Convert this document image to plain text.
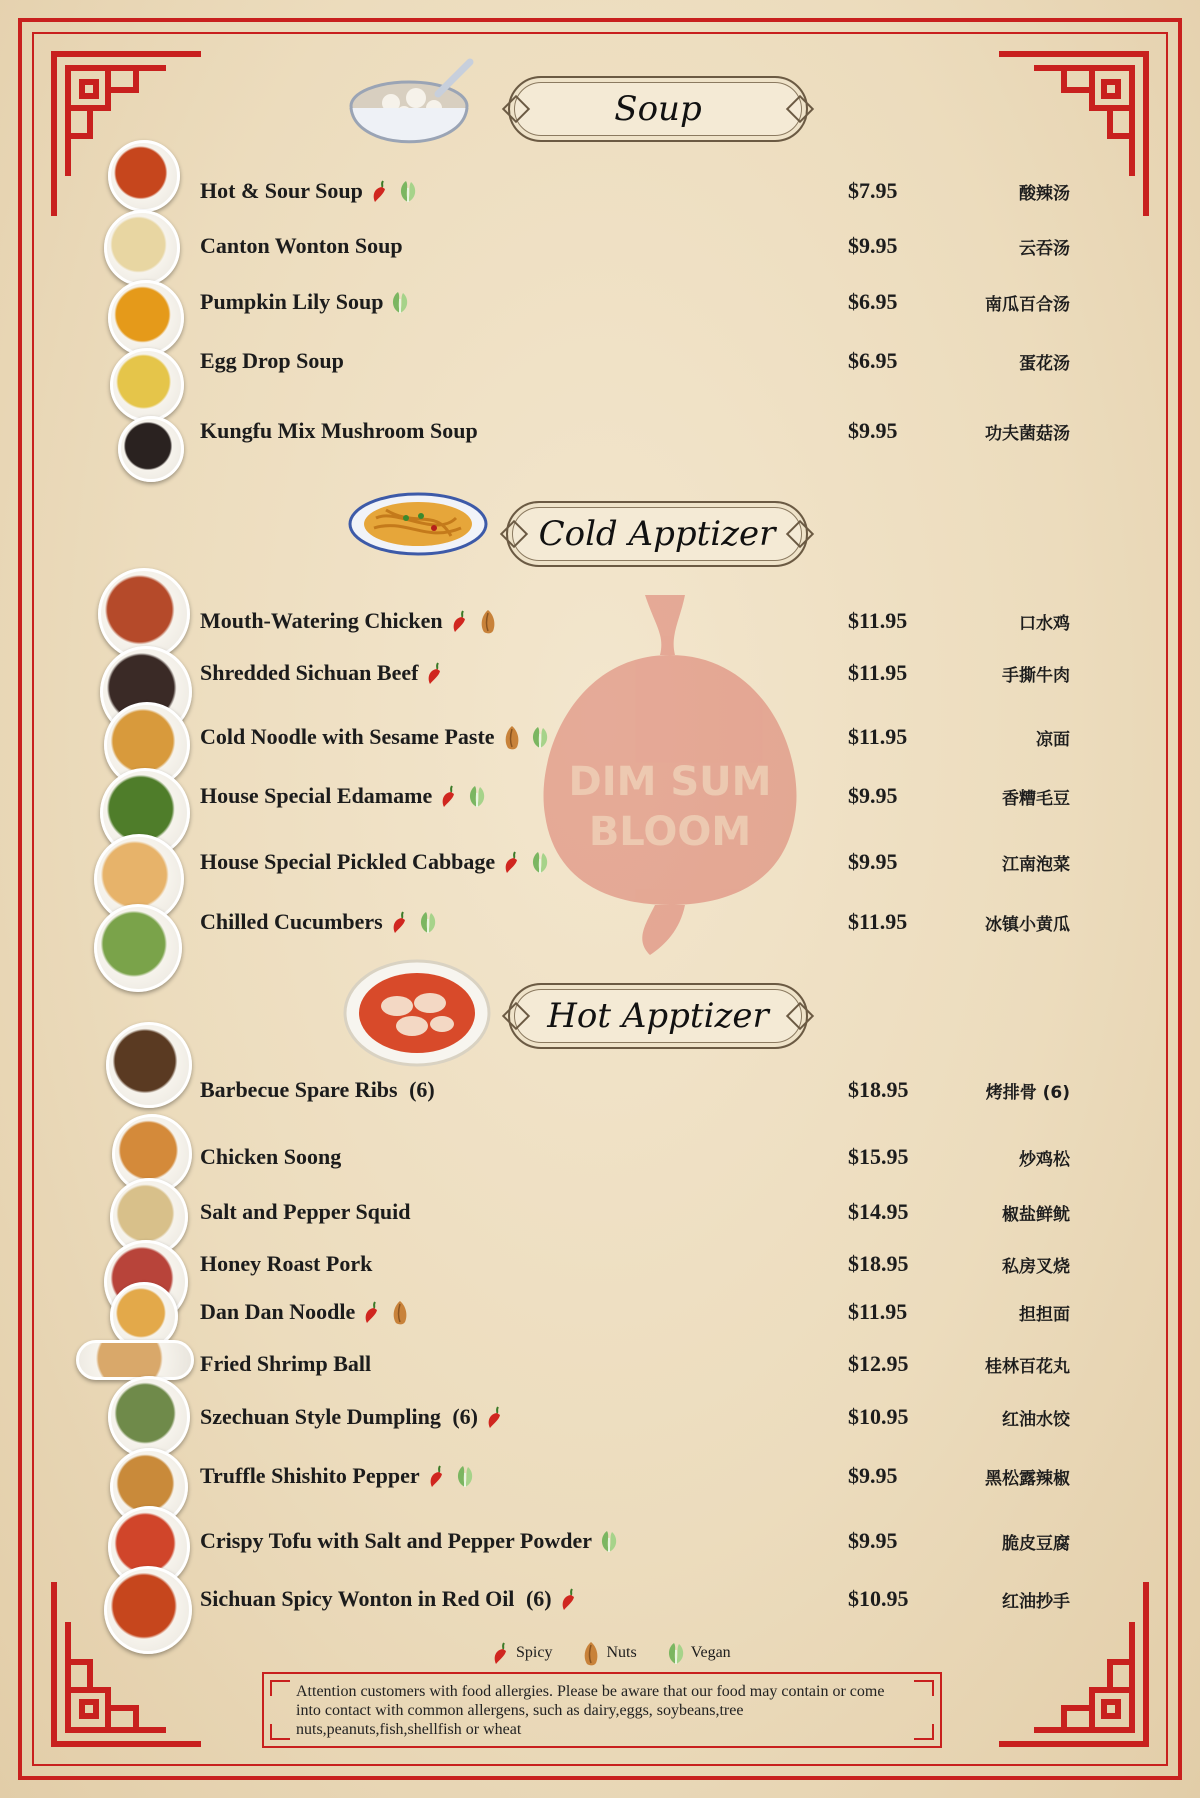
DIM SUM
BLOOM
Soup
Cold Apptizer
Hot Apptizer
Hot & Sour Soup	$7.95	酸辣汤
Canton Wonton Soup	$9.95	云吞汤
Pumpkin Lily Soup	$6.95	南瓜百合汤
Egg Drop Soup	$6.95	蛋花汤
Kungfu Mix Mushroom Soup	$9.95	功夫菌菇汤
Mouth-Watering Chicken	$11.95	口水鸡
Shredded Sichuan Beef	$11.95	手撕牛肉
Cold Noodle with Sesame Paste	$11.95	凉面
House Special Edamame	$9.95	香糟毛豆
House Special Pickled Cabbage	$9.95	江南泡菜
Chilled Cucumbers	$11.95	冰镇小黄瓜
Barbecue Spare Ribs (6)	$18.95	烤排骨 (6)
Chicken Soong	$15.95	炒鸡松
Salt and Pepper Squid	$14.95	椒盐鲜鱿
Honey Roast Pork	$18.95	私房叉烧
Dan Dan Noodle	$11.95	担担面
Fried Shrimp Ball	$12.95	桂林百花丸
Szechuan Style Dumpling (6)	$10.95	红油水饺
Truffle Shishito Pepper	$9.95	黑松露辣椒
Crispy Tofu with Salt and Pepper Powder	$9.95	脆皮豆腐
Sichuan Spicy Wonton in Red Oil (6)	$10.95	红油抄手
Spicy	Nuts	Vegan
Attention customers with food allergies. Please be aware that our food may contain or come into contact with common allergens, such as dairy,eggs, soybeans,tree nuts,peanuts,fish,shellfish or wheat
